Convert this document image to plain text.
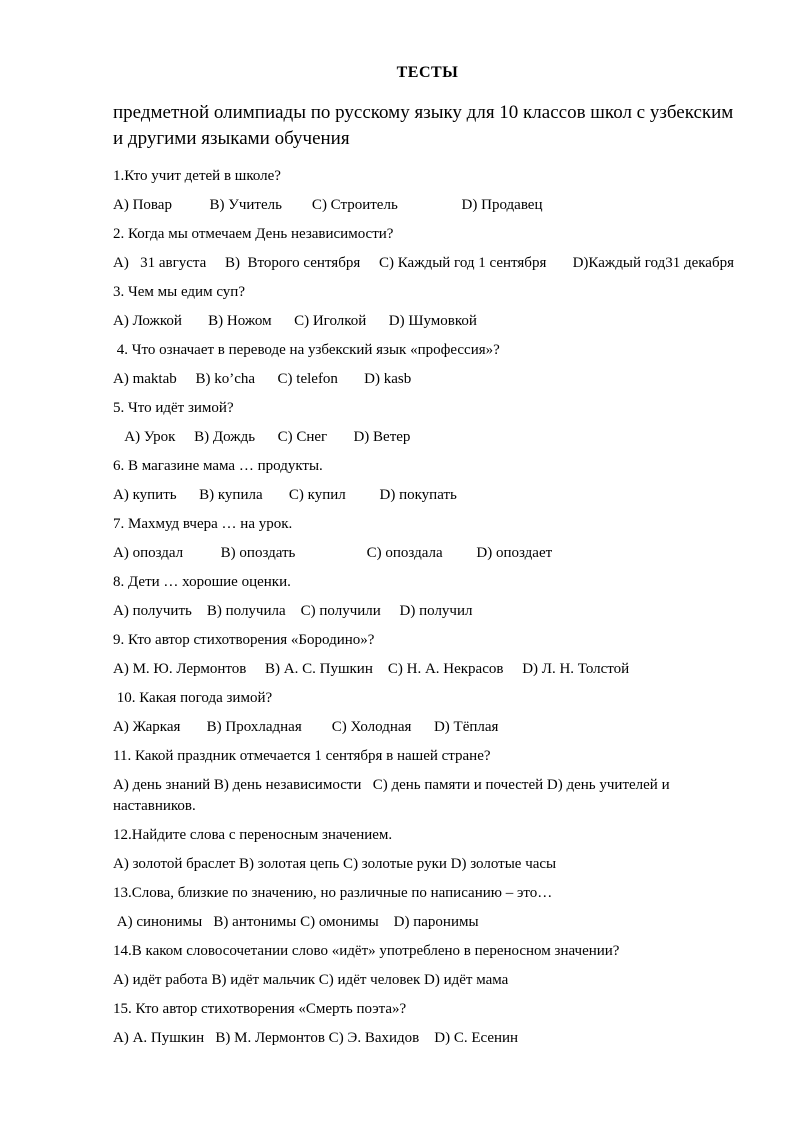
ТЕСТЫ

предметной олимпиады по русскому языку для 10 классов школ с узбекским и другими языками обучения

1.Кто учит детей в школе?

A) Повар          B) Учитель        C) Строитель                 D) Продавец

2. Когда мы отмечаем День независимости?

A)   31 августа     B)  Второго сентября     C) Каждый год 1 сентября       D)Каждый год31 декабря

3. Чем мы едим суп?

A) Ложкой       B) Ножом      C) Иголкой      D) Шумовкой

4. Что означает в переводе на узбекский язык «профессия»?

A) maktab     B) ko’cha      C) telefon       D) kasb

5. Что идёт зимой?

A) Урок     B) Дождь      C) Снег       D) Ветер

6. В магазине мама … продукты.

A) купить      B) купила       C) купил         D) покупать

7. Махмуд вчера … на урок.

A) опоздал          B) опоздать                   C) опоздала         D) опоздает

8. Дети … хорошие оценки.

A) получить    B) получила    C) получили     D) получил

9. Кто автор стихотворения «Бородино»?

A) М. Ю. Лермонтов     B) А. С. Пушкин    C) Н. А. Некрасов     D) Л. Н. Толстой

10. Какая погода зимой?

A) Жаркая       B) Прохладная        C) Холодная      D) Тёплая

11. Какой праздник отмечается 1 сентября в нашей стране?

A) день знаний B) день независимости   C) день памяти и почестей D) день учителей и наставников.

12.Найдите слова с переносным значением.

A) золотой браслет B) золотая цепь C) золотые руки D) золотые часы

13.Слова, близкие по значению, но различные по написанию – это…

A) синонимы   B) антонимы C) омонимы    D) паронимы

14.В каком словосочетании слово «идёт» употреблено в переносном значении?

A) идёт работа B) идёт мальчик C) идёт человек D) идёт мама

15. Кто автор стихотворения «Смерть поэта»?

A) А. Пушкин   B) М. Лермонтов C) Э. Вахидов    D) С. Есенин
